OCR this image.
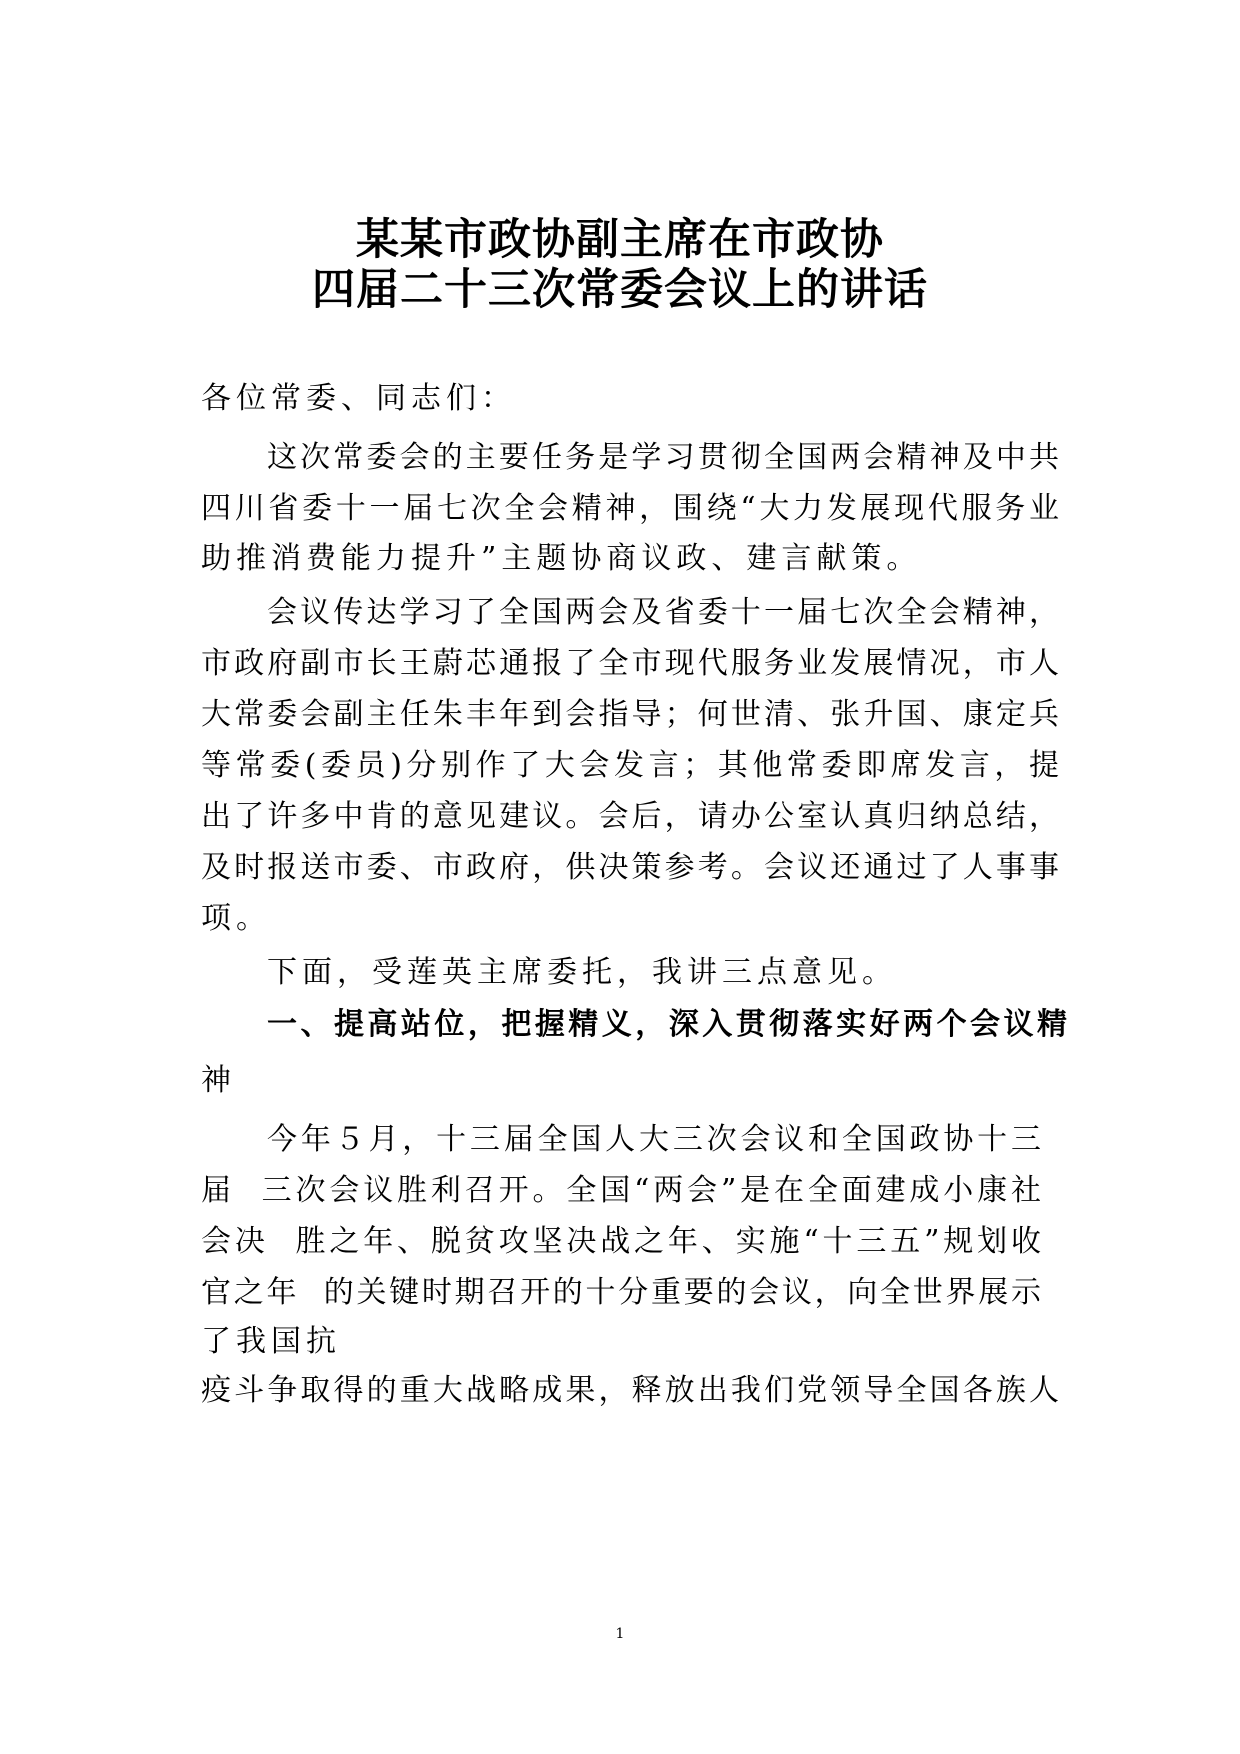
某某市政协副主席在市政协
四届二十三次常委会议上的讲话
各位常委、同志们：
这次常委会的主要任务是学习贯彻全国两会精神及中共
四川省委十一届七次全会精神，围绕“大力发展现代服务业
助推消费能力提升”主题协商议政、建言献策。
会议传达学习了全国两会及省委十一届七次全会精神，
市政府副市长王蔚芯通报了全市现代服务业发展情况，市人
大常委会副主任朱丰年到会指导；何世清、张升国、康定兵
等常委(委员)分别作了大会发言；其他常委即席发言，提
出了许多中肯的意见建议。会后，请办公室认真归纳总结，
及时报送市委、市政府，供决策参考。会议还通过了人事事
项。
下面，受莲英主席委托，我讲三点意见。
一、提高站位，把握精义，深入贯彻落实好两个会议精
神
今年５月，十三届全国人大三次会议和全国政协十三
届  三次会议胜利召开。全国“两会”是在全面建成小康社
会决  胜之年、脱贫攻坚决战之年、实施“十三五”规划收
官之年  的关键时期召开的十分重要的会议，向全世界展示
了我国抗
疫斗争取得的重大战略成果，释放出我们党领导全国各族人
1
